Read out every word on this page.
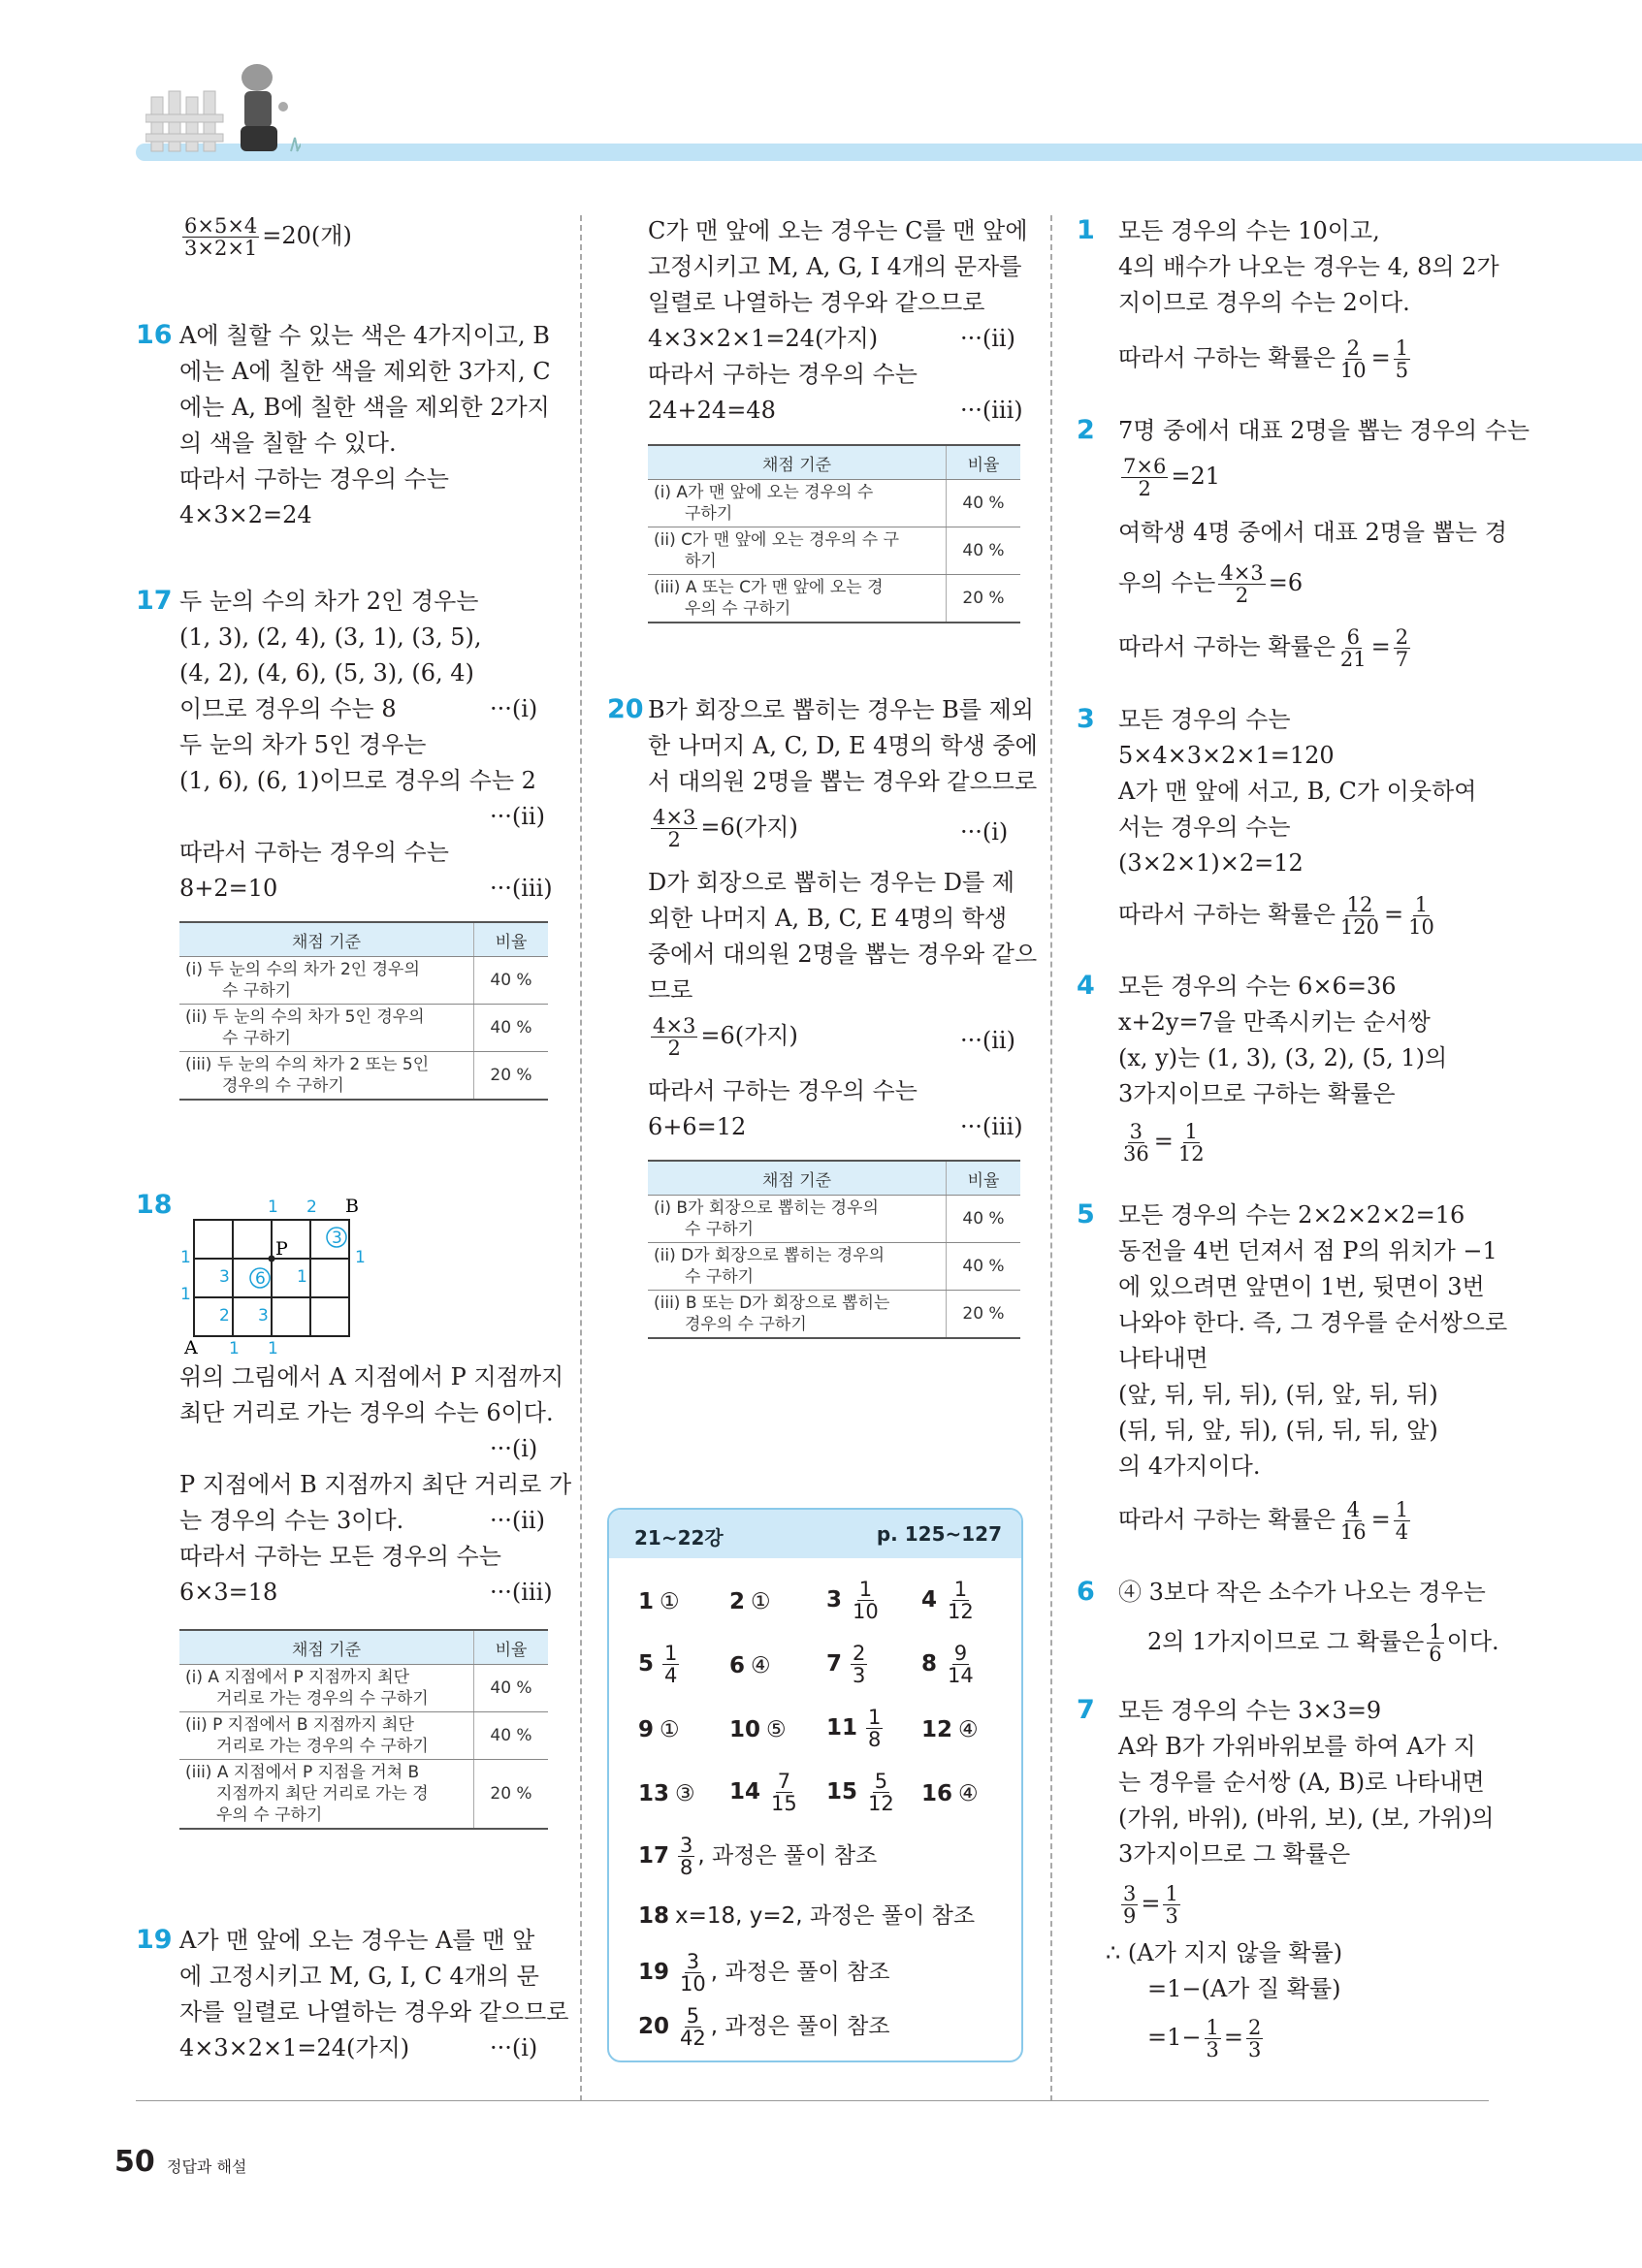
$\frac{6\times 5\times 4}{3\times 2\times 1} =20$(개)
16 A에 칠할 수 있는 색은 4가지이고, B
에는 A에 칠한 색을 제외한 3가지, C
에는 A, B에 칠한 색을 제외한 2가지
의 색을 칠할 수 있다.
따라서 구하는 경우의 수는
4×3×2=24
17 두 눈의 수의 차가 2인 경우는
(1, 3), (2, 4), (3, 1), (3, 5),
(4, 2), (4, 6), (5, 3), (6, 4)
이므로 경우의 수는 8
두 눈의 차가 5인 경우는
(1, 6), (6, 1)이므로 경우의 수는 2
따라서 구하는 경우의 수는
8+2=10
···(i)
···(ii)
···(iii)
채점 기준	비율

(i) 두 눈의 수의 차가 2인 경우의
수 구하기	40 %

(ii) 두 눈의 수의 차가 5인 경우의
수 구하기	40 %

(iii) 두 눈의 수의 차가 2 또는 5인
경우의 수 구하기	20 %
18	1 2 B
1	P	3
1
3 6 1
1
2 3
A 1 1
위의 그림에서 A 지점에서 P 지점까지
최단 거리로 가는 경우의 수는 6이다.
P 지점에서 B 지점까지 최단 거리로 가
는 경우의 수는 3이다.
따라서 구하는 모든 경우의 수는
6×3=18
···(i)
···(ii)
···(iii)
채점 기준	비율

(i) A 지점에서 P 지점까지 최단
거리로 가는 경우의 수 구하기	40 %

(ii) P 지점에서 B 지점까지 최단
거리로 가는 경우의 수 구하기	40 %

(iii) A 지점에서 P 지점을 거쳐 B
지점까지 최단 거리로 가는 경
우의 수 구하기	20 %
19 A가 맨 앞에 오는 경우는 A를 맨 앞
에 고정시키고 M, G, I, C 4개의 문
자를 일렬로 나열하는 경우와 같으므로
4×3×2×1=24(가지)	···(i)
C가 맨 앞에 오는 경우는 C를 맨 앞에
고정시키고 M, A, G, I 4개의 문자를
일렬로 나열하는 경우와 같으므로
4×3×2×1=24(가지)
따라서 구하는 경우의 수는
24+24=48
···(ii)
···(iii)
채점 기준	비율

(i) A가 맨 앞에 오는 경우의 수
구하기	40 %

(ii) C가 맨 앞에 오는 경우의 수 구
하기	40 %

(iii) A 또는 C가 맨 앞에 오는 경
우의 수 구하기	20 %
20 B가 회장으로 뽑히는 경우는 B를 제외
한 나머지 A, C, D, E 4명의 학생 중에
서 대의원 2명을 뽑는 경우와 같으므로
$\frac{4\times 3}{2} =6$(가지)	···(i)
D가 회장으로 뽑히는 경우는 D를 제
외한 나머지 A, B, C, E 4명의 학생
중에서 대의원 2명을 뽑는 경우와 같으
므로
$\frac{4\times 3}{2} =6$(가지)	···(ii)
따라서 구하는 경우의 수는
6+6=12	···(iii)
채점 기준	비율

(i) B가 회장으로 뽑히는 경우의
수 구하기	40 %

(ii) D가 회장으로 뽑히는 경우의
수 구하기	40 %

(iii) B 또는 D가 회장으로 뽑히는
경우의 수 구하기	20 %
21~22강	p. 125~127
1 ① 2 ① $3 \frac{1}{10} 4 \frac{1}{12}$
$5 \frac{1}{4} 6$ ④ $7 \frac{2}{3} 8 \frac{9}{14}$
9 ① 10 ⑤ $11 \frac{1}{8} 12$ ④
13 ③ $14 \frac{7}{15} 15 \frac{5}{12} 16$ ④
$17 \frac{3}{8}$ , 과정은 풀이 참조
18 x=18, y=2, 과정은 풀이 참조
$19 \frac{3}{10}$ , 과정은 풀이 참조
$20 \frac{5}{42}$ , 과정은 풀이 참조
1 모든 경우의 수는 10이고,
4의 배수가 나오는 경우는 4, 8의 2가
지이므로 경우의 수는 2이다.
따라서 구하는 확률은 $\frac{2}{10} = \frac{1}{5}$
2 7명 중에서 대표 2명을 뽑는 경우의 수는
$\frac{7\times 6}{2} =21$
여학생 4명 중에서 대표 2명을 뽑는 경
우의 수는 $\frac{4\times 3}{2} =6$
따라서 구하는 확률은 $\frac{6}{21} = \frac{2}{7}$
3 모든 경우의 수는
5×4×3×2×1=120
A가 맨 앞에 서고, B, C가 이웃하여
서는 경우의 수는
(3×2×1)×2=12
따라서 구하는 확률은 $\frac{12}{120} = \frac{1}{10}$
4 모든 경우의 수는 6×6=36
x+2y=7을 만족시키는 순서쌍
(x, y)는 (1, 3), (3, 2), (5, 1)의
3가지이므로 구하는 확률은
$\frac{3}{36} = \frac{1}{12}$
5 모든 경우의 수는 2×2×2×2=16
동전을 4번 던져서 점 P의 위치가 −1
에 있으려면 앞면이 1번, 뒷면이 3번
나와야 한다. 즉, 그 경우를 순서쌍으로
나타내면
(앞, 뒤, 뒤, 뒤), (뒤, 앞, 뒤, 뒤)
(뒤, 뒤, 앞, 뒤), (뒤, 뒤, 뒤, 앞)
의 4가지이다.
따라서 구하는 확률은 $\frac{4}{16} = \frac{1}{4}$
6 ④ 3보다 작은 소수가 나오는 경우는
2의 1가지이므로 그 확률은 $\frac{1}{6}$ 이다.
7 모든 경우의 수는 3×3=9
A와 B가 가위바위보를 하여 A가 지
는 경우를 순서쌍 (A, B)로 나타내면
(가위, 바위), (바위, 보), (보, 가위)의
3가지이므로 그 확률은
$\frac{3}{9} = \frac{1}{3}$
∴ (A가 지지 않을 확률)
=1−(A가 질 확률)
$=1- \frac{1}{3} = \frac{2}{3}$
50 정답과 해설
